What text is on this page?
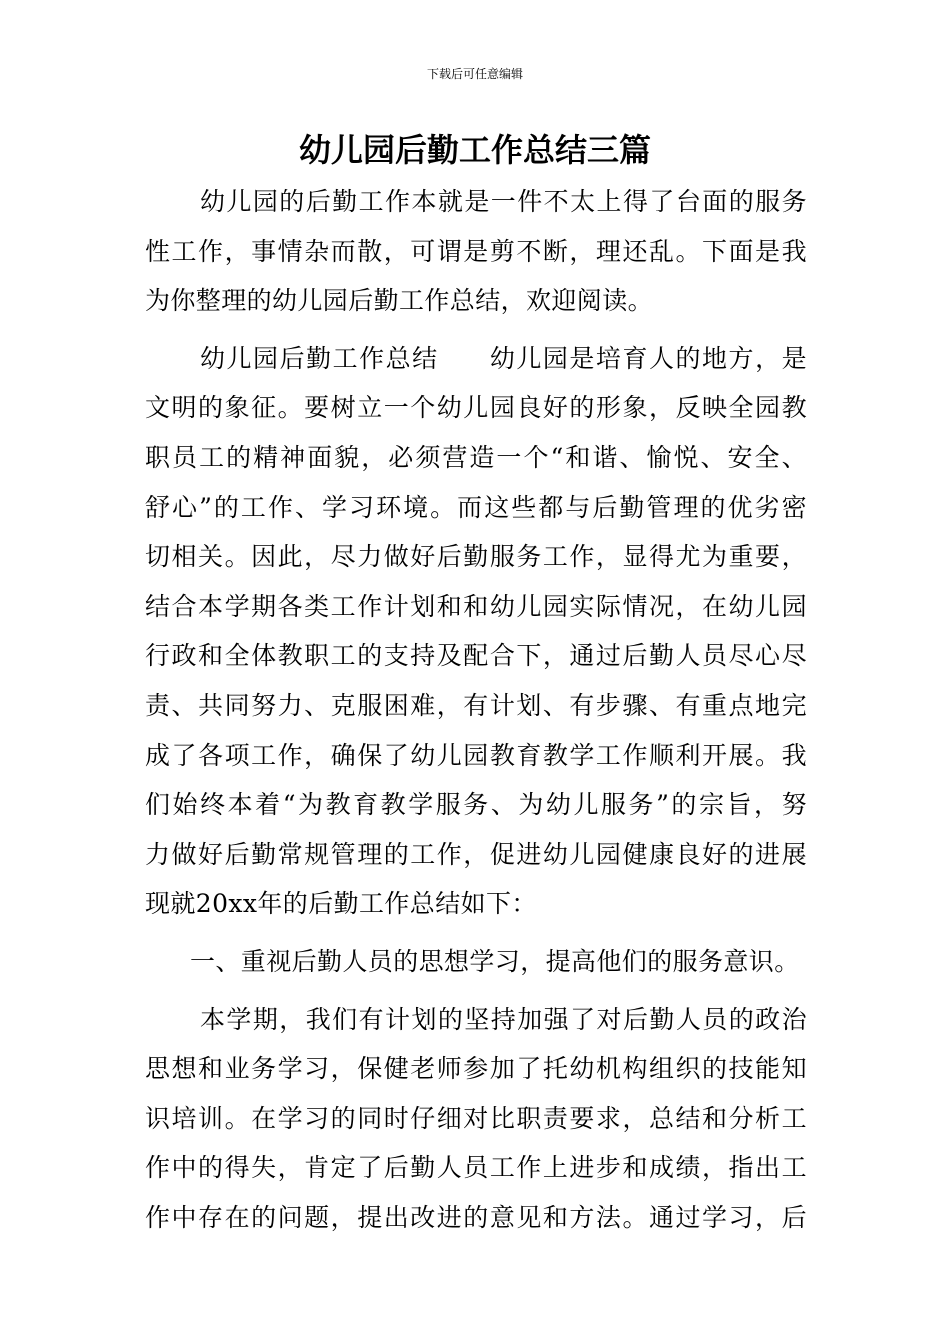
下载后可任意编辑
幼儿园后勤工作总结三篇

幼儿园的后勤工作本就是一件不太上得了台面的服务
性工作，事情杂而散，可谓是剪不断，理还乱。下面是我
为你整理的幼儿园后勤工作总结，欢迎阅读。

幼儿园后勤工作总结 幼儿园是培育人的地方，是
文明的象征。要树立一个幼儿园良好的形象，反映全园教
职员工的精神面貌，必须营造一个“和谐、愉悦、安全、
舒心”的工作、学习环境。而这些都与后勤管理的优劣密
切相关。因此，尽力做好后勤服务工作，显得尤为重要，
结合本学期各类工作计划和和幼儿园实际情况，在幼儿园
行政和全体教职工的支持及配合下，通过后勤人员尽心尽
责、共同努力、克服困难，有计划、有步骤、有重点地完
成了各项工作，确保了幼儿园教育教学工作顺利开展。我
们始终本着“为教育教学服务、为幼儿服务”的宗旨，努
力做好后勤常规管理的工作，促进幼儿园健康良好的进展
现就20xx年的后勤工作总结如下：

一、重视后勤人员的思想学习，提高他们的服务意识。

本学期，我们有计划的坚持加强了对后勤人员的政治
思想和业务学习，保健老师参加了托幼机构组织的技能知
识培训。在学习的同时仔细对比职责要求，总结和分析工
作中的得失，肯定了后勤人员工作上进步和成绩，指出工
作中存在的问题，提出改进的意见和方法。通过学习，后
